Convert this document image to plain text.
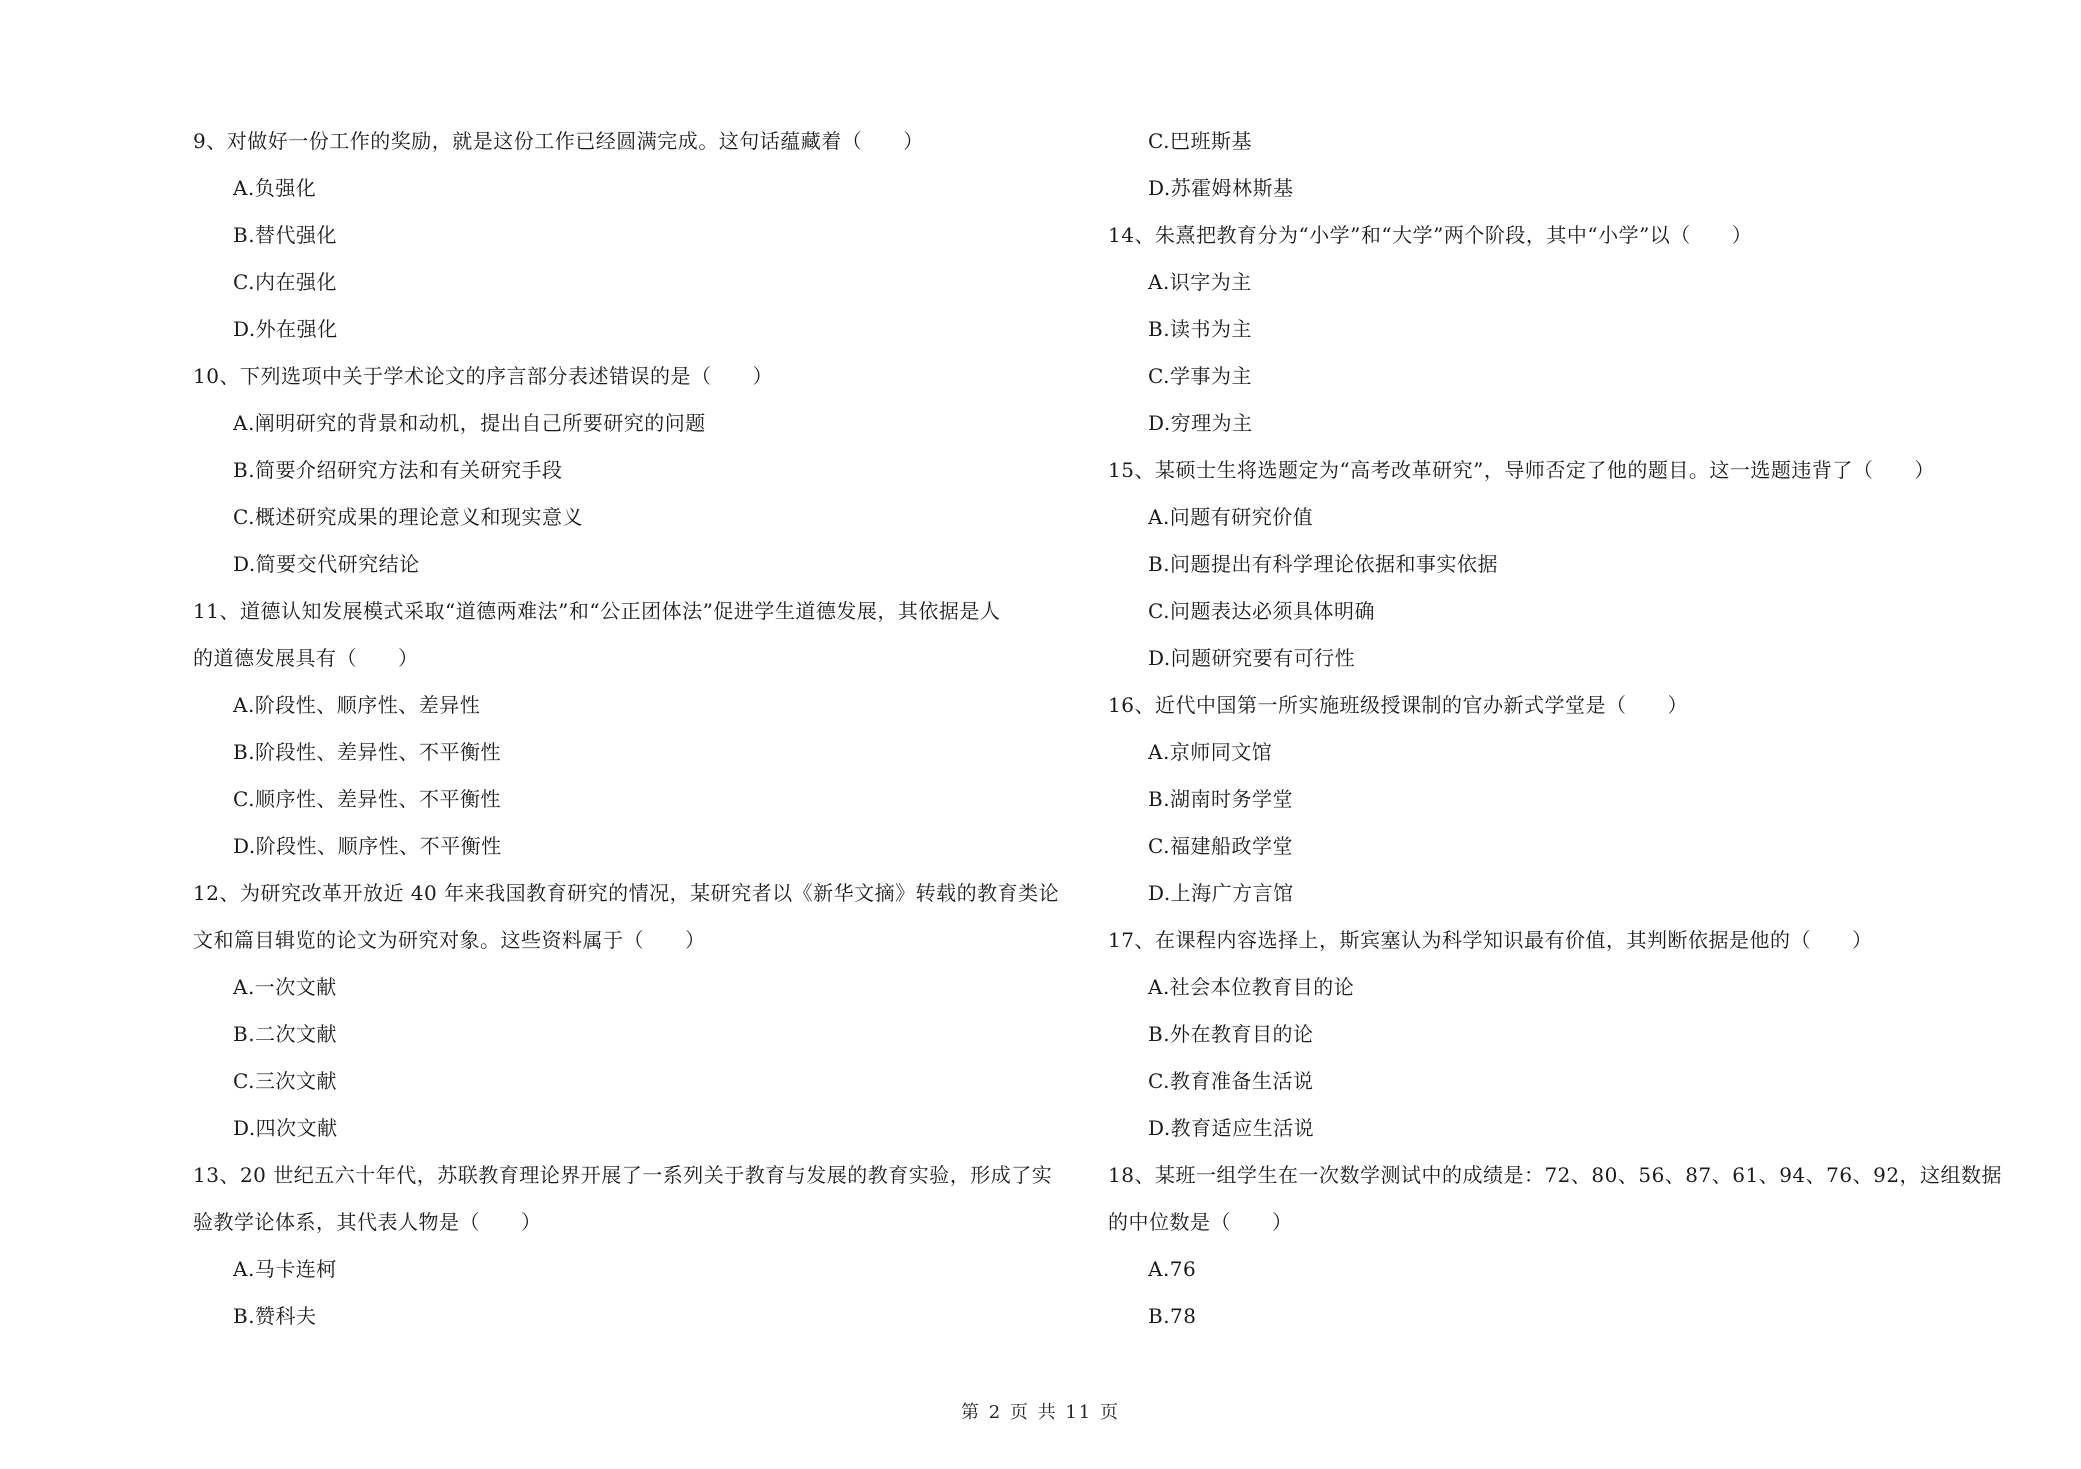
9、对做好一份工作的奖励，就是这份工作已经圆满完成。这句话蕴藏着（　　）
A.负强化
B.替代强化
C.内在强化
D.外在强化
10、下列选项中关于学术论文的序言部分表述错误的是（　　）
A.阐明研究的背景和动机，提出自己所要研究的问题
B.简要介绍研究方法和有关研究手段
C.概述研究成果的理论意义和现实意义
D.简要交代研究结论
11、道德认知发展模式采取“道德两难法”和“公正团体法”促进学生道德发展，其依据是人
的道德发展具有（　　）
A.阶段性、顺序性、差异性
B.阶段性、差异性、不平衡性
C.顺序性、差异性、不平衡性
D.阶段性、顺序性、不平衡性
12、为研究改革开放近 40 年来我国教育研究的情况，某研究者以《新华文摘》转载的教育类论
文和篇目辑览的论文为研究对象。这些资料属于（　　）
A.一次文献
B.二次文献
C.三次文献
D.四次文献
13、20 世纪五六十年代，苏联教育理论界开展了一系列关于教育与发展的教育实验，形成了实
验教学论体系，其代表人物是（　　）
A.马卡连柯
B.赞科夫
C.巴班斯基
D.苏霍姆林斯基
14、朱熹把教育分为“小学”和“大学”两个阶段，其中“小学”以（　　）
A.识字为主
B.读书为主
C.学事为主
D.穷理为主
15、某硕士生将选题定为“高考改革研究”，导师否定了他的题目。这一选题违背了（　　）
A.问题有研究价值
B.问题提出有科学理论依据和事实依据
C.问题表达必须具体明确
D.问题研究要有可行性
16、近代中国第一所实施班级授课制的官办新式学堂是（　　）
A.京师同文馆
B.湖南时务学堂
C.福建船政学堂
D.上海广方言馆
17、在课程内容选择上，斯宾塞认为科学知识最有价值，其判断依据是他的（　　）
A.社会本位教育目的论
B.外在教育目的论
C.教育准备生活说
D.教育适应生活说
18、某班一组学生在一次数学测试中的成绩是：72、80、56、87、61、94、76、92，这组数据
的中位数是（　　）
A.76
B.78
第 2 页 共 11 页
